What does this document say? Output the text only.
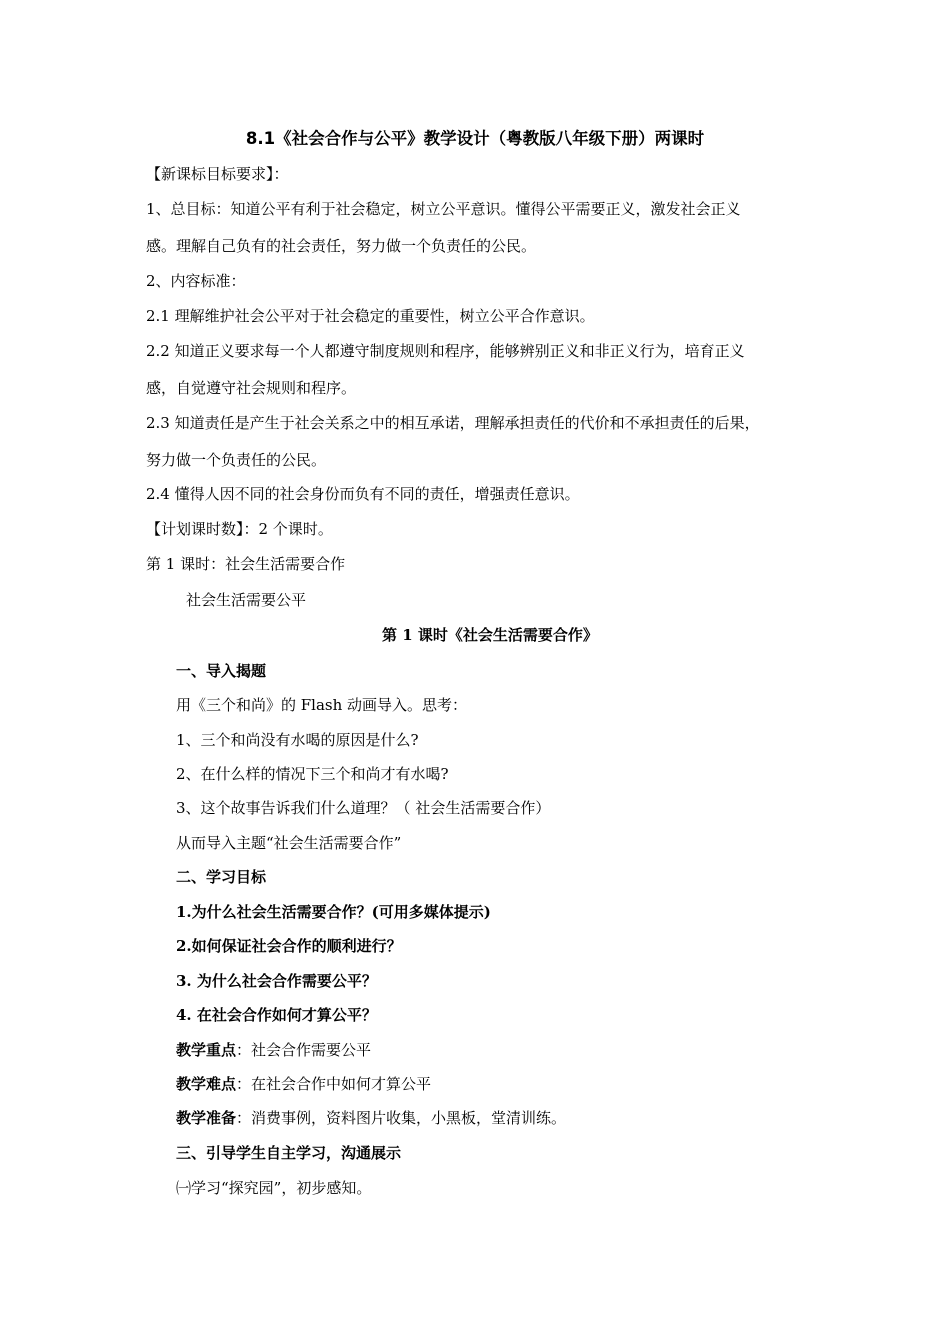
8.1《社会合作与公平》教学设计（粤教版八年级下册）两课时
【新课标目标要求】：
1、总目标：知道公平有利于社会稳定，树立公平意识。懂得公平需要正义，激发社会正义
感。理解自己负有的社会责任，努力做一个负责任的公民。
2、内容标准：
2.1 理解维护社会公平对于社会稳定的重要性，树立公平合作意识。
2.2 知道正义要求每一个人都遵守制度规则和程序，能够辨别正义和非正义行为，培育正义
感，自觉遵守社会规则和程序。
2.3 知道责任是产生于社会关系之中的相互承诺，理解承担责任的代价和不承担责任的后果，
努力做一个负责任的公民。
2.4 懂得人因不同的社会身份而负有不同的责任，增强责任意识。
【计划课时数】：2 个课时。
第 1 课时：社会生活需要合作
社会生活需要公平
第 1 课时《社会生活需要合作》
一、导入揭题
用《三个和尚》的 Flash 动画导入。思考：
1、三个和尚没有水喝的原因是什么?
2、在什么样的情况下三个和尚才有水喝?
3、这个故事告诉我们什么道理？（ 社会生活需要合作）
从而导入主题“社会生活需要合作”
二、学习目标
1.为什么社会生活需要合作？(可用多媒体提示)
2.如何保证社会合作的顺利进行？
3. 为什么社会合作需要公平？
4. 在社会合作如何才算公平？
教学重点：社会合作需要公平
教学难点：在社会合作中如何才算公平
教学准备：消费事例，资料图片收集，小黑板，堂清训练。
三、引导学生自主学习，沟通展示
㈠学习“探究园”，初步感知。
